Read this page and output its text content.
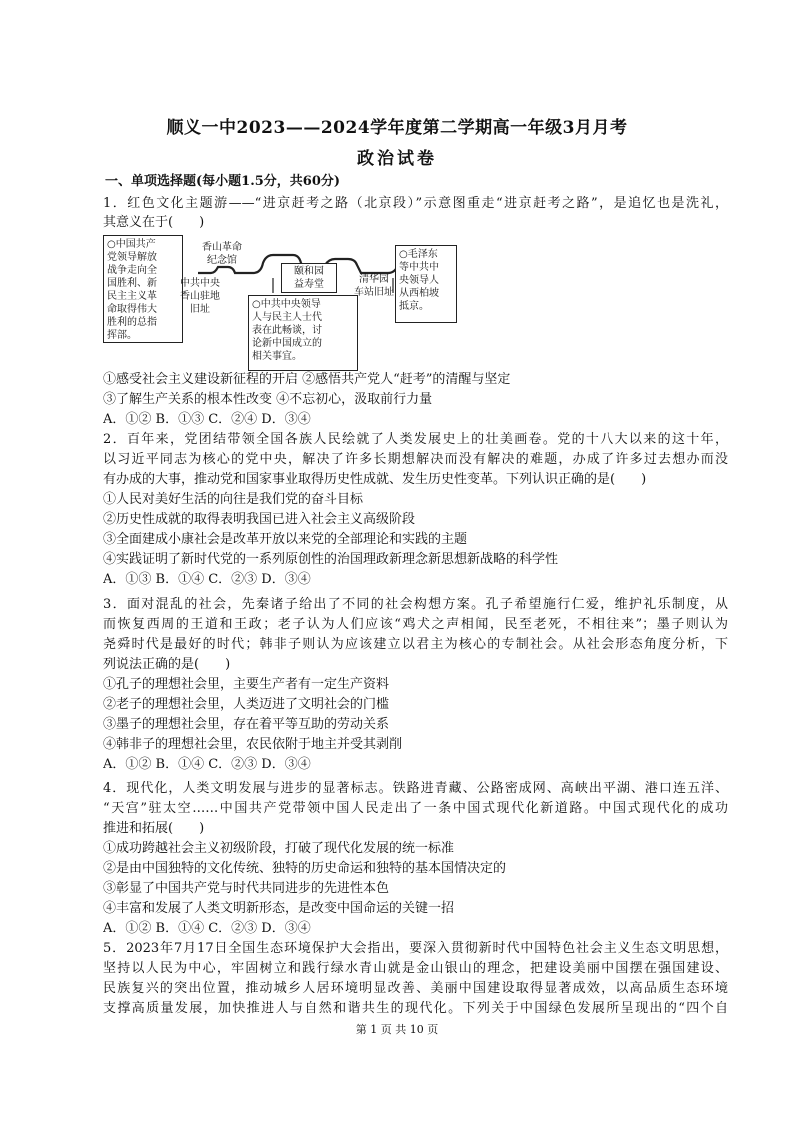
顺义一中2023——2024学年度第二学期高一年级3月月考
政治试卷
一、单项选择题(每小题1.5分，共60分)
1．红色文化主题游——“进京赶考之路（北京段）”示意图重走“进京赶考之路”，是追忆也是洗礼，
其意义在于(　　)
①感受社会主义建设新征程的开启 ②感悟共产党人“赶考”的清醒与坚定
③了解生产关系的根本性改变 ④不忘初心，汲取前行力量
A．①② B．①③ C．②④ D．③④
2．百年来，党团结带领全国各族人民绘就了人类发展史上的壮美画卷。党的十八大以来的这十年，
以习近平同志为核心的党中央，解决了许多长期想解决而没有解决的难题，办成了许多过去想办而没
有办成的大事，推动党和国家事业取得历史性成就、发生历史性变革。下列认识正确的是(　　)
①人民对美好生活的向往是我们党的奋斗目标
②历史性成就的取得表明我国已进入社会主义高级阶段
③全面建成小康社会是改革开放以来党的全部理论和实践的主题
④实践证明了新时代党的一系列原创性的治国理政新理念新思想新战略的科学性
A．①③ B．①④ C．②③ D．③④
3．面对混乱的社会，先秦诸子给出了不同的社会构想方案。孔子希望施行仁爱，维护礼乐制度，从
而恢复西周的王道和王政；老子认为人们应该“鸡犬之声相闻，民至老死，不相往来”；墨子则认为
尧舜时代是最好的时代；韩非子则认为应该建立以君主为核心的专制社会。从社会形态角度分析，下
列说法正确的是(　　)
①孔子的理想社会里，主要生产者有一定生产资料
②老子的理想社会里，人类迈进了文明社会的门槛
③墨子的理想社会里，存在着平等互助的劳动关系
④韩非子的理想社会里，农民依附于地主并受其剥削
A．①② B．①④ C．②③ D．③④
4．现代化，人类文明发展与进步的显著标志。铁路进青藏、公路密成网、高峡出平湖、港口连五洋、
“天宫”驻太空……中国共产党带领中国人民走出了一条中国式现代化新道路。中国式现代化的成功
推进和拓展(　　)
①成功跨越社会主义初级阶段，打破了现代化发展的统一标准
②是由中国独特的文化传统、独特的历史命运和独特的基本国情决定的
③彰显了中国共产党与时代共同进步的先进性本色
④丰富和发展了人类文明新形态，是改变中国命运的关键一招
A．①② B．①④ C．②③ D．③④
5．2023年7月17日全国生态环境保护大会指出，要深入贯彻新时代中国特色社会主义生态文明思想，
坚持以人民为中心，牢固树立和践行绿水青山就是金山银山的理念，把建设美丽中国摆在强国建设、
民族复兴的突出位置，推动城乡人居环境明显改善、美丽中国建设取得显著成效，以高品质生态环境
支撑高质量发展，加快推进人与自然和谐共生的现代化。下列关于中国绿色发展所呈现出的“四个自
○中国共产
党领导解放
战争走向全
国胜利、新
民主主义革
命取得伟大
胜利的总指
挥部。
香山革命
纪念馆
中共中央
香山驻地
旧址
颐和园
益寿堂
○中共中央领导
人与民主人士代
表在此畅谈，讨
论新中国成立的
相关事宜。
清华园
车站旧址
○毛泽东
等中共中
央领导人
从西柏坡
抵京。
第 1 页 共 10 页
